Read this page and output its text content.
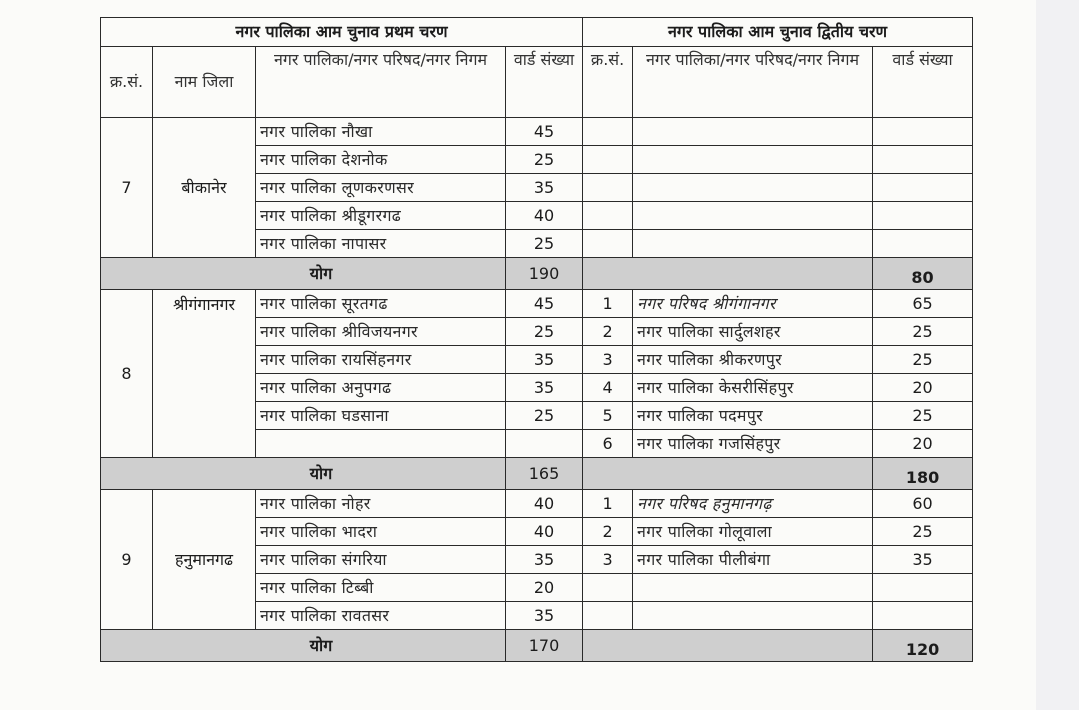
नगर पालिका आम चुनाव प्रथम चरण				नगर पालिका आम चुनाव द्वितीय चरण		
क्र.सं.	नाम जिला	नगर पालिका/नगर परिषद/नगर निगम	वार्ड संख्या	क्र.सं.	नगर पालिका/नगर परिषद/नगर निगम	वार्ड संख्या
7	बीकानेर	नगर पालिका नौखा	45			
		नगर पालिका देशनोक	25			
		नगर पालिका लूणकरणसर	35			
		नगर पालिका श्रीडूगरगढ	40			
		नगर पालिका नापासर	25			
योग			190			80
8	श्रीगंगानगर	नगर पालिका सूरतगढ	45	1	नगर परिषद श्रीगंगानगर	65
		नगर पालिका श्रीविजयनगर	25	2	नगर पालिका सार्दुलशहर	25
		नगर पालिका रायसिंहनगर	35	3	नगर पालिका श्रीकरणपुर	25
		नगर पालिका अनुपगढ	35	4	नगर पालिका केसरीसिंहपुर	20
		नगर पालिका घडसाना	25	5	नगर पालिका पदमपुर	25
				6	नगर पालिका गजसिंहपुर	20
योग			165			180
9	हनुमानगढ	नगर पालिका नोहर	40	1	नगर परिषद हनुमानगढ़	60
		नगर पालिका भादरा	40	2	नगर पालिका गोलूवाला	25
		नगर पालिका संगरिया	35	3	नगर पालिका पीलीबंगा	35
		नगर पालिका टिब्बी	20			
		नगर पालिका रावतसर	35			
योग			170			120
